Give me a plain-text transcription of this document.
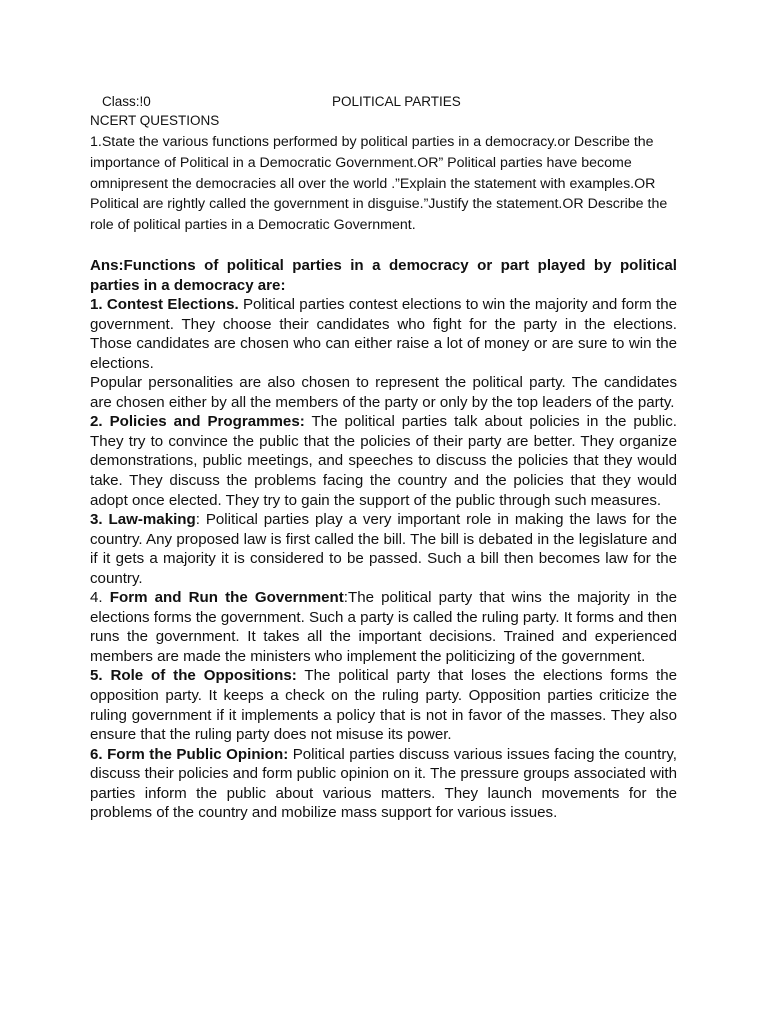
Class:!0	POLITICAL PARTIES
NCERT QUESTIONS

1.State the various functions performed by political parties in a democracy.or Describe the importance of Political in a Democratic Government.OR” Political parties have become omnipresent the democracies all over the world .”Explain the statement with examples.OR Political are rightly called the government in disguise.”Justify the statement.OR Describe the role of political parties in a Democratic Government.

Ans:Functions of political parties in a democracy or part played by political parties in a democracy are:

1. Contest Elections. Political parties contest elections to win the majority and form the government. They choose their candidates who fight for the party in the elections. Those candidates are chosen who can either raise a lot of money or are sure to win the elections.

Popular personalities are also chosen to represent the political party. The candidates are chosen either by all the members of the party or only by the top leaders of the party.

2. Policies and Programmes: The political parties talk about policies in the public. They try to convince the public that the policies of their party are better. They organize demonstrations, public meetings, and speeches to discuss the policies that they would take. They discuss the problems facing the country and the policies that they would adopt once elected. They try to gain the support of the public through such measures.

3. Law-making: Political parties play a very important role in making the laws for the country. Any proposed law is first called the bill. The bill is debated in the legislature and if it gets a majority it is considered to be passed. Such a bill then becomes law for the country.

4. Form and Run the Government:The political party that wins the majority in the elections forms the government. Such a party is called the ruling party. It forms and then runs the government. It takes all the important decisions. Trained and experienced members are made the ministers who implement the politicizing of the government.

5. Role of the Oppositions: The political party that loses the elections forms the opposition party. It keeps a check on the ruling party. Opposition parties criticize the ruling government if it implements a policy that is not in favor of the masses. They also ensure that the ruling party does not misuse its power.

6. Form the Public Opinion: Political parties discuss various issues facing the country, discuss their policies and form public opinion on it. The pressure groups associated with parties inform the public about various matters. They launch movements for the problems of the country and mobilize mass support for various issues.
